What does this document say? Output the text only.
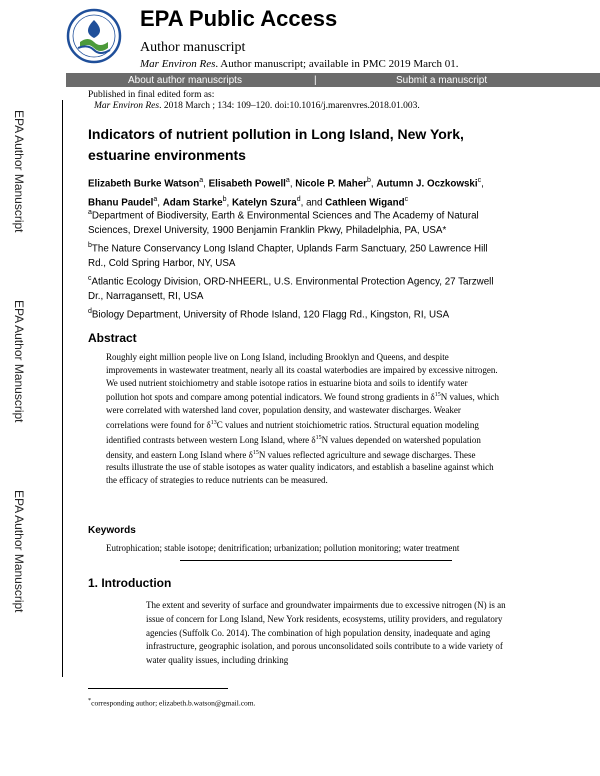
EPA Author Manuscript
EPA Author Manuscript
EPA Author Manuscript
EPA Public Access
Author manuscript
Mar Environ Res. Author manuscript; available in PMC 2019 March 01.
About author manuscripts	|	Submit a manuscript
Published in final edited form as:
Mar Environ Res. 2018 March ; 134: 109–120. doi:10.1016/j.marenvres.2018.01.003.
Indicators of nutrient pollution in Long Island, New York, estuarine environments
Elizabeth Burke Watson$^a$, Elisabeth Powell$^a$, Nicole P. Maher$^b$, Autumn J. Oczkowski$^c$,
Bhanu Paudel$^a$, Adam Starke$^b$, Katelyn Szura$^d$, and Cathleen Wigand$^c$
$^a$Department of Biodiversity, Earth & Environmental Sciences and The Academy of Natural Sciences, Drexel University, 1900 Benjamin Franklin Pkwy, Philadelphia, PA, USA*
$^b$The Nature Conservancy Long Island Chapter, Uplands Farm Sanctuary, 250 Lawrence Hill Rd., Cold Spring Harbor, NY, USA
$^c$Atlantic Ecology Division, ORD-NHEERL, U.S. Environmental Protection Agency, 27 Tarzwell Dr., Narragansett, RI, USA
$^d$Biology Department, University of Rhode Island, 120 Flagg Rd., Kingston, RI, USA
Abstract
Roughly eight million people live on Long Island, including Brooklyn and Queens, and despite improvements in wastewater treatment, nearly all its coastal waterbodies are impaired by excessive nitrogen. We used nutrient stoichiometry and stable isotope ratios in estuarine biota and soils to identify water pollution hot spots and compare among potential indicators. We found strong gradients in $\delta^{15}N$ values, which were correlated with watershed land cover, population density, and wastewater discharges. Weaker correlations were found for $\delta^{13}C$ values and nutrient stoichiometric ratios. Structural equation modeling identified contrasts between western Long Island, where $\delta^{15}N$ values depended on watershed population density, and eastern Long Island where $\delta^{15}N$ values reflected agriculture and sewage discharges. These results illustrate the use of stable isotopes as water quality indicators, and establish a baseline against which the efficacy of strategies to reduce nutrients can be measured.
Keywords
Eutrophication; stable isotope; denitrification; urbanization; pollution monitoring; water treatment
1. Introduction
The extent and severity of surface and groundwater impairments due to excessive nitrogen (N) is an issue of concern for Long Island, New York residents, ecosystems, utility providers, and regulatory agencies (Suffolk Co. 2014). The combination of high population density, inadequate and aging infrastructure, geographic isolation, and porous unconsolidated soils contribute to a wide variety of water quality issues, including drinking
*corresponding author; elizabeth.b.watson@gmail.com.
